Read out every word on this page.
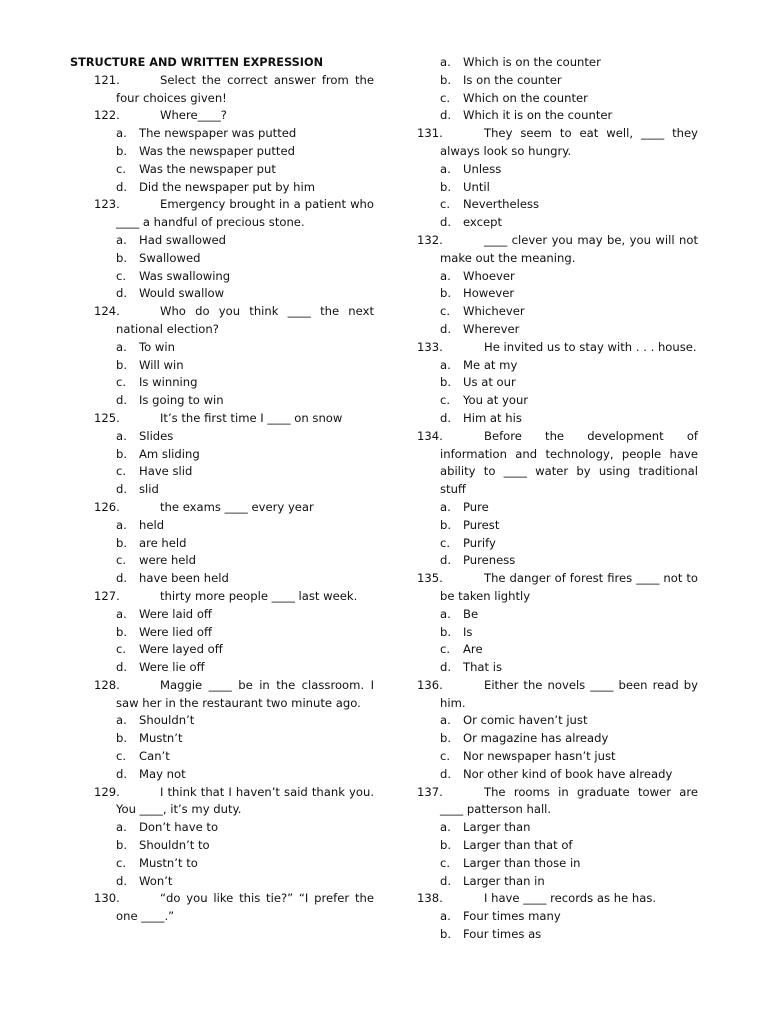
STRUCTURE AND WRITTEN EXPRESSION
121.	Select the correct answer from the four choices given!
122.	Where____?
a. The newspaper was putted
b. Was the newspaper putted
c. Was the newspaper put
d. Did the newspaper put by him
123.	Emergency brought in a patient who ____ a handful of precious stone.
a. Had swallowed
b. Swallowed
c. Was swallowing
d. Would swallow
124.	Who do you think ____ the next national election?
a. To win
b. Will win
c. Is winning
d. Is going to win
125.	It’s the first time I ____ on snow
a. Slides
b. Am sliding
c. Have slid
d. slid
126.	the exams ____ every year
a. held
b. are held
c. were held
d. have been held
127.	thirty more people ____ last week.
a. Were laid off
b. Were lied off
c. Were layed off
d. Were lie off
128.	Maggie ____ be in the classroom. I saw her in the restaurant two minute ago.
a. Shouldn’t
b. Mustn’t
c. Can’t
d. May not
129.	I think that I haven’t said thank you. You ____, it’s my duty.
a. Don’t have to
b. Shouldn’t to
c. Mustn’t to
d. Won’t
130.	“do you like this tie?” “I prefer the one ____.”
a. Which is on the counter
b. Is on the counter
c. Which on the counter
d. Which it is on the counter
131.	They seem to eat well, ____ they always look so hungry.
a. Unless
b. Until
c. Nevertheless
d. except
132.	____ clever you may be, you will not make out the meaning.
a. Whoever
b. However
c. Whichever
d. Wherever
133.	He invited us to stay with . . . house.
a. Me at my
b. Us at our
c. You at your
d. Him at his
134.	Before the development of information and technology, people have ability to ____ water by using traditional stuff
a. Pure
b. Purest
c. Purify
d. Pureness
135.	The danger of forest fires ____ not to be taken lightly
a. Be
b. Is
c. Are
d. That is
136.	Either the novels ____ been read by him.
a. Or comic haven’t just
b. Or magazine has already
c. Nor newspaper hasn’t just
d. Nor other kind of book have already
137.	The rooms in graduate tower are ____ patterson hall.
a. Larger than
b. Larger than that of
c. Larger than those in
d. Larger than in
138.	I have ____ records as he has.
a. Four times many
b. Four times as
